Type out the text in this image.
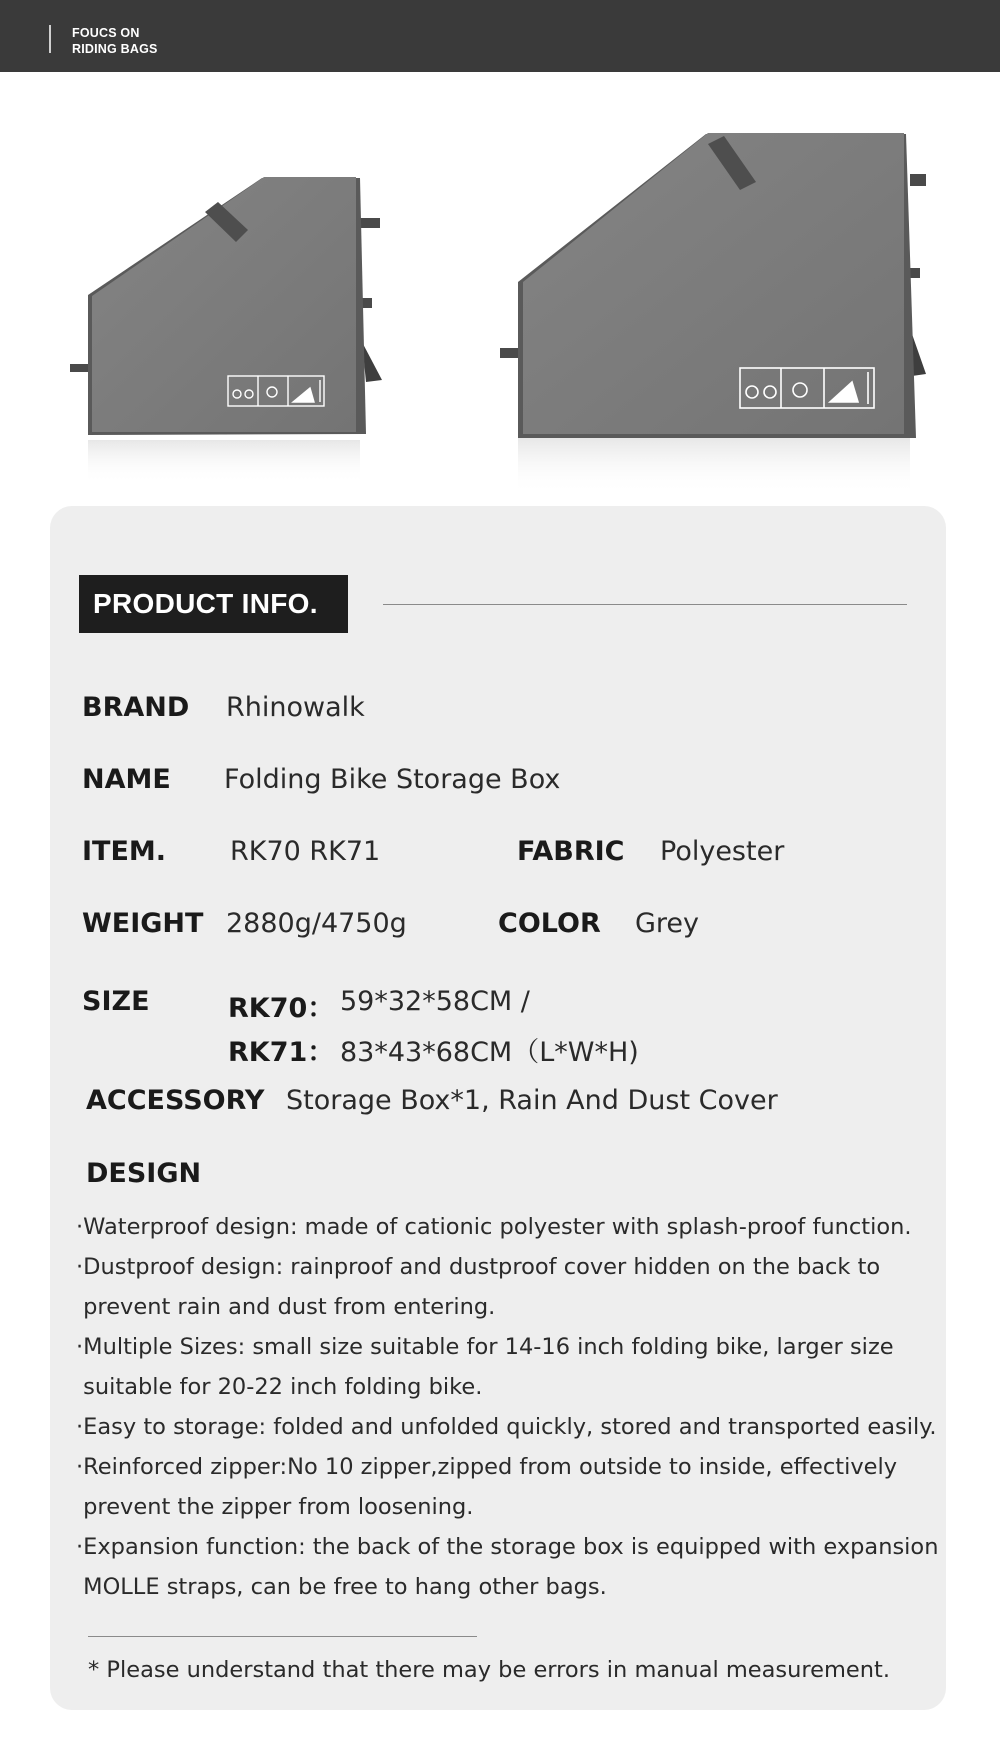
FOUCS ON
RIDING BAGS
PRODUCT INFO.
BRAND Rhinowalk
NAME Folding Bike Storage Box
ITEM. RK70 RK71	FABRIC Polyester
WEIGHT 2880g/4750g	COLOR Grey
SIZE	RK70： 59*32*58CM /
RK71： 83*43*68CM（L*W*H)
ACCESSORY Storage Box*1, Rain And Dust Cover
DESIGN
·Waterproof design: made of cationic polyester with splash-proof function.
·Dustproof design: rainproof and dustproof cover hidden on the back to
prevent rain and dust from entering.
·Multiple Sizes: small size suitable for 14-16 inch folding bike, larger size
suitable for 20-22 inch folding bike.
·Easy to storage: folded and unfolded quickly, stored and transported easily.
·Reinforced zipper:No 10 zipper,zipped from outside to inside, effectively
prevent the zipper from loosening.
·Expansion function: the back of the storage box is equipped with expansion
MOLLE straps, can be free to hang other bags.
* Please understand that there may be errors in manual measurement.
